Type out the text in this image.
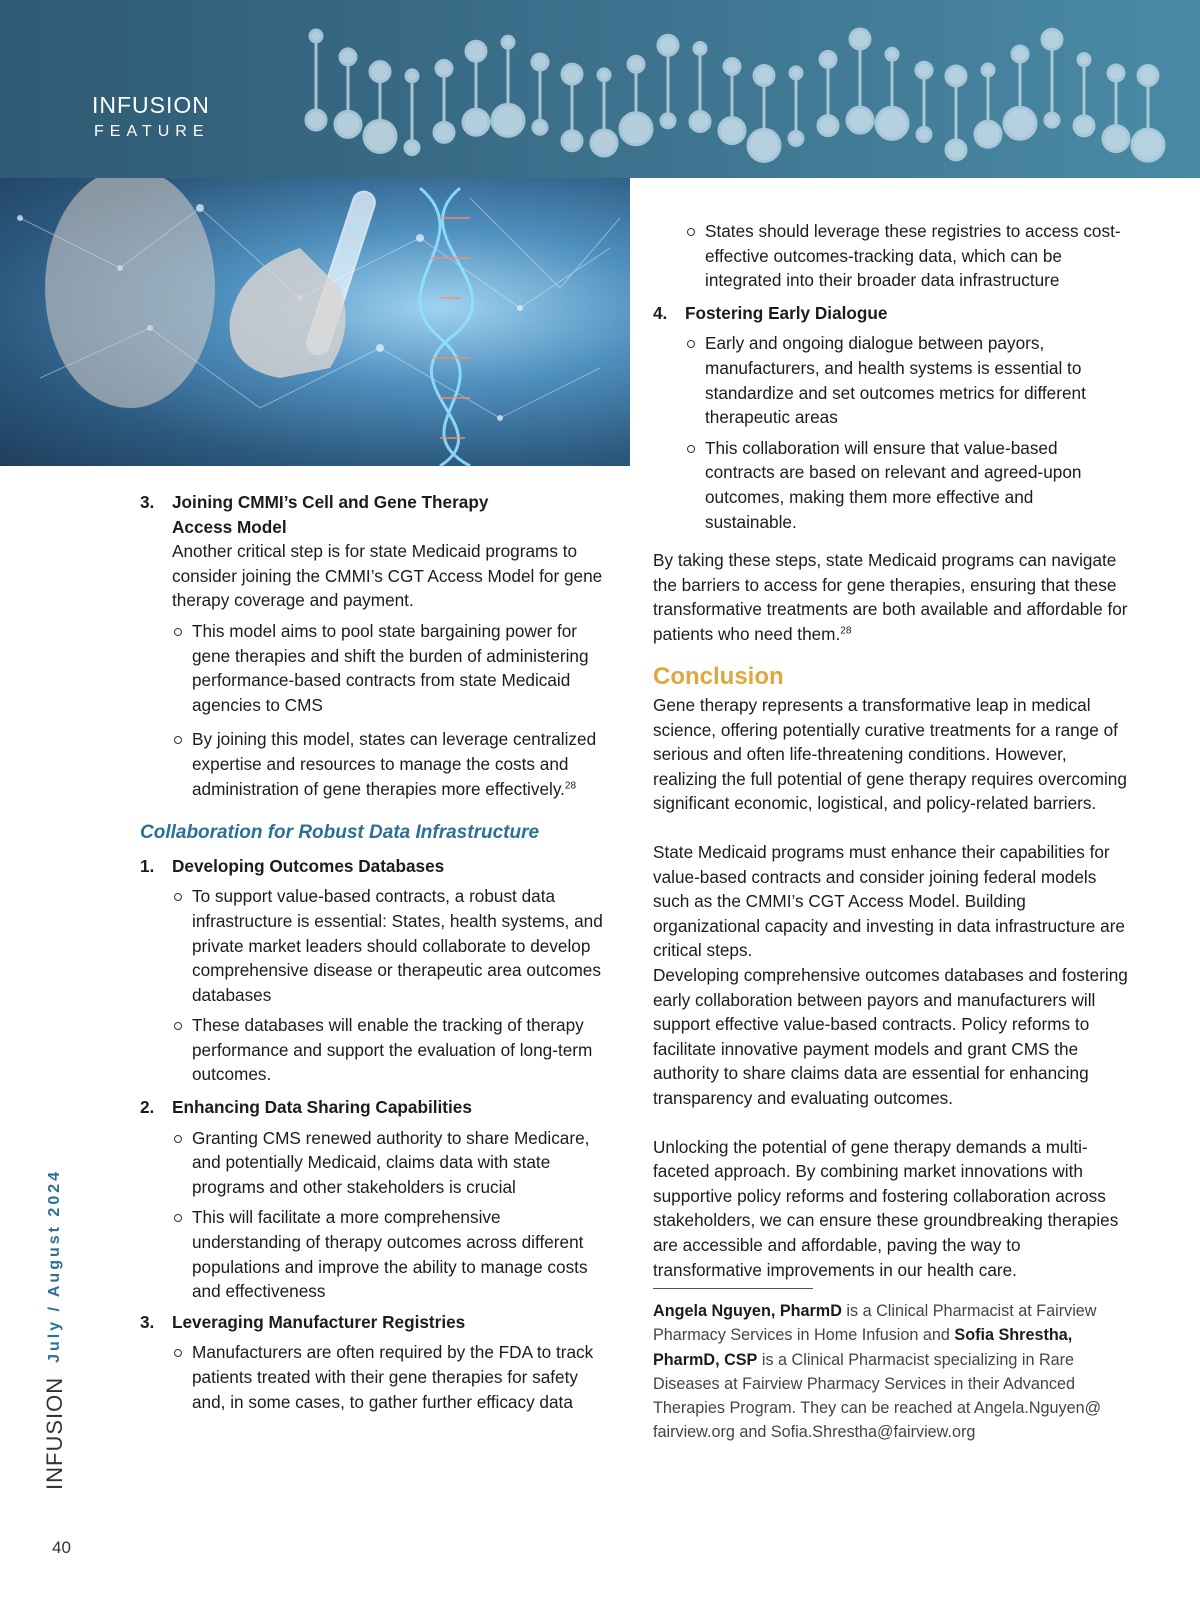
INFUSION
FEATURE
3. Joining CMMI’s Cell and Gene Therapy
Access Model

Another critical step is for state Medicaid programs to consider joining the CMMI’s CGT Access Model for gene therapy coverage and payment.

This model aims to pool state bargaining power for gene therapies and shift the burden of administering performance-based contracts from state Medicaid agencies to CMS
By joining this model, states can leverage centralized expertise and resources to manage the costs and administration of gene therapies more effectively.$^{28}$
Collaboration for Robust Data Infrastructure
1. Developing Outcomes Databases
To support value-based contracts, a robust data infrastructure is essential: States, health systems, and private market leaders should collaborate to develop comprehensive disease or therapeutic area outcomes databases
These databases will enable the tracking of therapy performance and support the evaluation of long-term outcomes.
2. Enhancing Data Sharing Capabilities
Granting CMS renewed authority to share Medicare, and potentially Medicaid, claims data with state programs and other stakeholders is crucial
This will facilitate a more comprehensive understanding of therapy outcomes across different populations and improve the ability to manage costs and effectiveness
3. Leveraging Manufacturer Registries
Manufacturers are often required by the FDA to track patients treated with their gene therapies for safety and, in some cases, to gather further efficacy data
States should leverage these registries to access cost-effective outcomes-tracking data, which can be integrated into their broader data infrastructure
4. Fostering Early Dialogue
Early and ongoing dialogue between payors, manufacturers, and health systems is essential to standardize and set outcomes metrics for different therapeutic areas
This collaboration will ensure that value-based contracts are based on relevant and agreed-upon outcomes, making them more effective and sustainable.

By taking these steps, state Medicaid programs can navigate the barriers to access for gene therapies, ensuring that these transformative treatments are both available and affordable for patients who need them.$^{28}$

Conclusion

Gene therapy represents a transformative leap in medical science, offering potentially curative treatments for a range of serious and often life-threatening conditions. However, realizing the full potential of gene therapy requires overcoming significant economic, logistical, and policy-related barriers.

State Medicaid programs must enhance their capabilities for value-based contracts and consider joining federal models such as the CMMI’s CGT Access Model. Building organizational capacity and investing in data infrastructure are critical steps.

Developing comprehensive outcomes databases and fostering early collaboration between payors and manufacturers will support effective value-based contracts. Policy reforms to facilitate innovative payment models and grant CMS the authority to share claims data are essential for enhancing transparency and evaluating outcomes.

Unlocking the potential of gene therapy demands a multi-faceted approach. By combining market innovations with supportive policy reforms and fostering collaboration across stakeholders, we can ensure these groundbreaking therapies are accessible and affordable, paving the way to transformative improvements in our health care.

Angela Nguyen, PharmD is a Clinical Pharmacist at Fairview Pharmacy Services in Home Infusion and Sofia Shrestha, PharmD, CSP is a Clinical Pharmacist specializing in Rare Diseases at Fairview Pharmacy Services in their Advanced Therapies Program. They can be reached at Angela.Nguyen@ fairview.org and Sofia.Shrestha@fairview.org

INFUSION
July / August 2024
40
